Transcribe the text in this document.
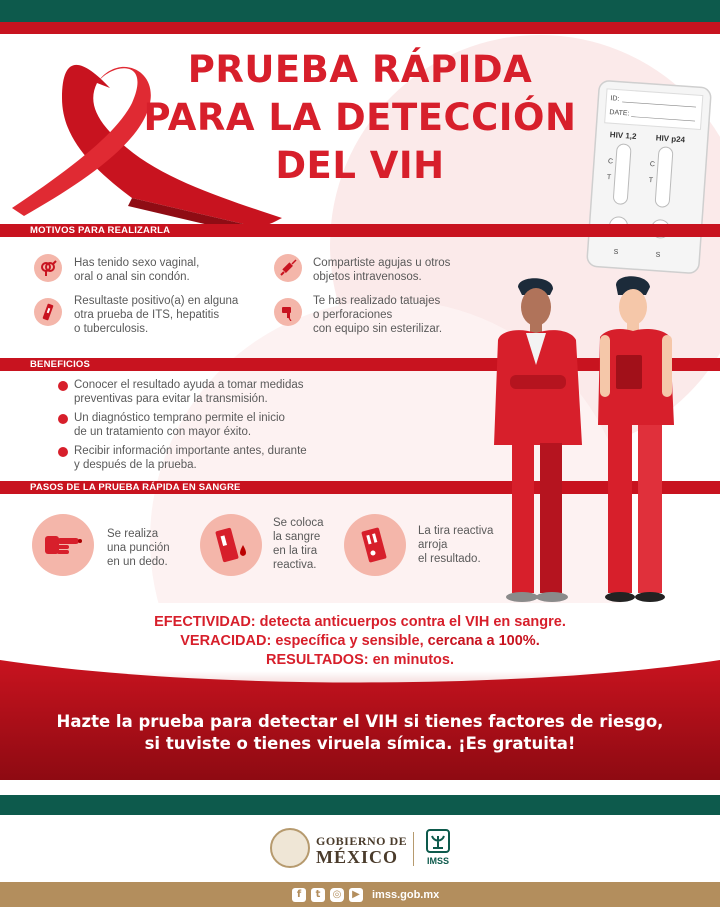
PRUEBA RÁPIDA
PARA LA DETECCIÓN
DEL VIH
ID:
DATE:
HIV 1,2 HIV p24
C
T
C
T
S	S
MOTIVOS PARA REALIZARLA
Has tenido sexo vaginal,
oral o anal sin condón.
Compartiste agujas u otros
objetos intravenosos.
Resultaste positivo(a) en alguna
otra prueba de ITS, hepatitis
o tuberculosis.
Te has realizado tatuajes
o perforaciones
con equipo sin esterilizar.
BENEFICIOS
Conocer el resultado ayuda a tomar medidas
preventivas para evitar la transmisión.
Un diagnóstico temprano permite el inicio
de un tratamiento con mayor éxito.
Recibir información importante antes, durante
y después de la prueba.
PASOS DE LA PRUEBA RÁPIDA EN SANGRE
Se realiza
una punción
en un dedo.
Se coloca
la sangre
en la tira
reactiva.
La tira reactiva
arroja
el resultado.
EFECTIVIDAD: detecta anticuerpos contra el VIH en sangre.
VERACIDAD: específica y sensible, cercana a 100%.
RESULTADOS: en minutos.
Hazte la prueba para detectar el VIH si tienes factores de riesgo,
si tuviste o tienes viruela símica. ¡Es gratuita!
GOBIERNO DE
MÉXICO	IMSS
f	t	◎	▶ imss.gob.mx
